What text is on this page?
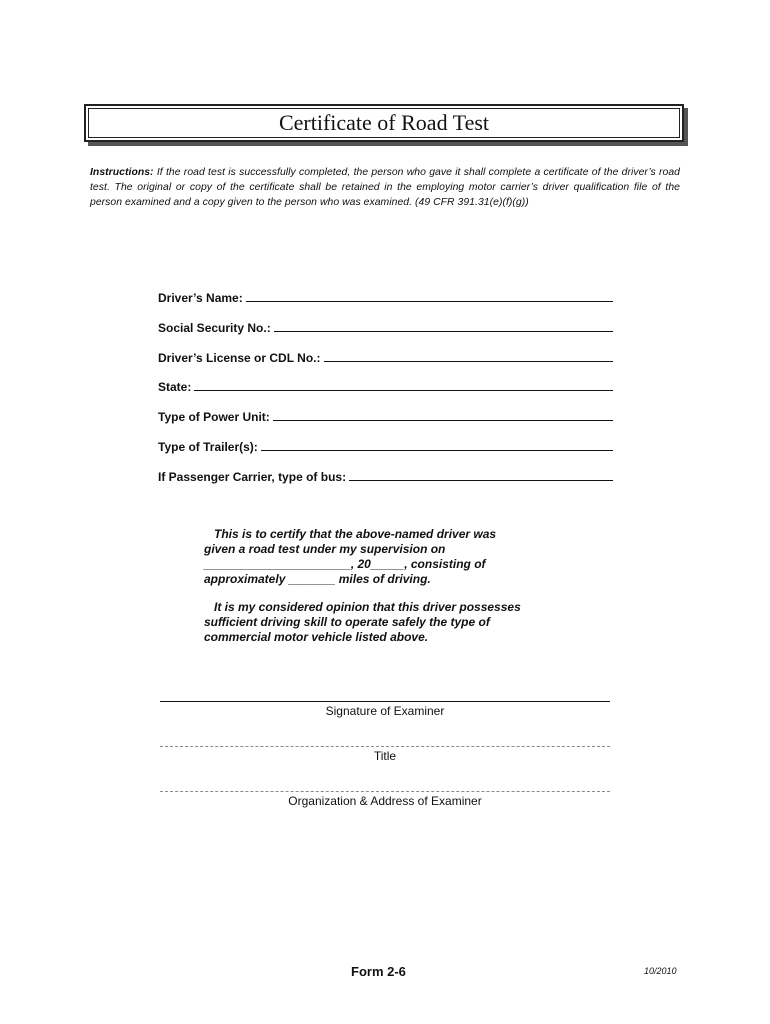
Certificate of Road Test
Instructions: If the road test is successfully completed, the person who gave it shall complete a certificate of the driver’s road test. The original or copy of the certificate shall be retained in the employing motor carrier’s driver qualification file of the person examined and a copy given to the person who was examined. (49 CFR 391.31(e)(f)(g))
Driver’s Name:
Social Security No.:
Driver’s License or CDL No.:
State:
Type of Power Unit:
Type of Trailer(s):
If Passenger Carrier, type of bus:

This is to certify that the above-named driver was

given a road test under my supervision on

______________________, 20_____, consisting of

approximately _______ miles of driving.

It is my considered opinion that this driver possesses

sufficient driving skill to operate safely the type of

commercial motor vehicle listed above.

Signature of Examiner
Title
Organization & Address of Examiner
Form 2-6	10/2010
